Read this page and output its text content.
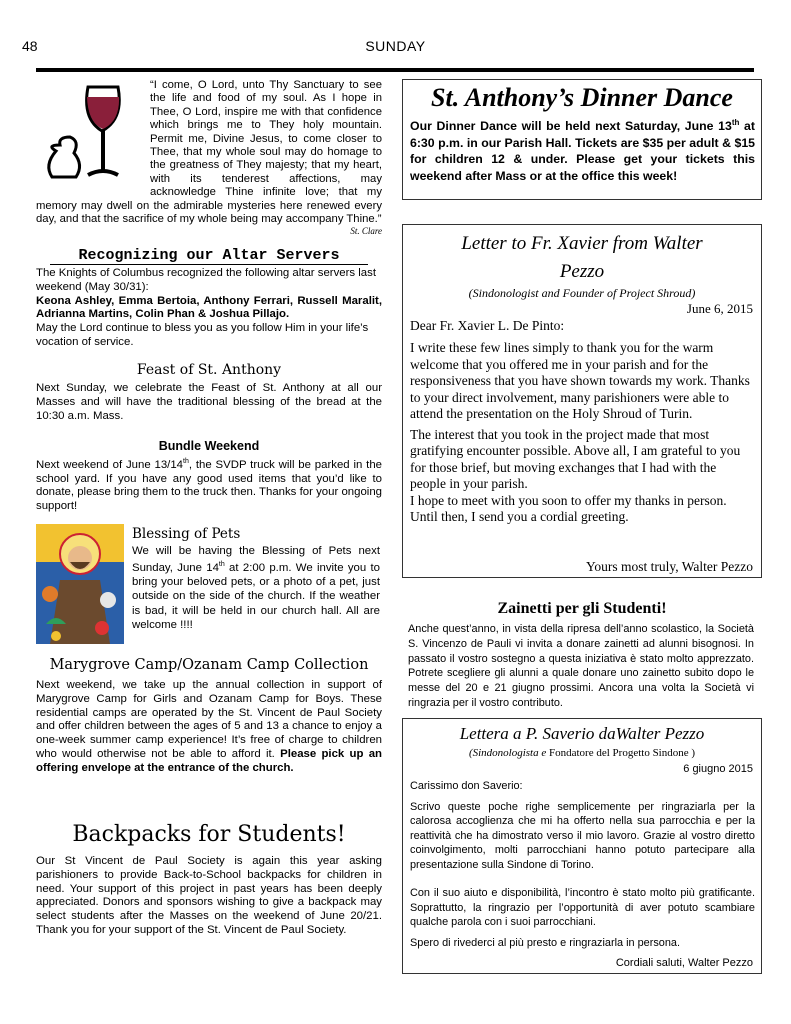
48	SUNDAY
“I come, O Lord, unto Thy Sanctuary to see the life and food of my soul. As I hope in Thee, O Lord, inspire me with that confidence which brings me to They holy mountain. Permit me, Divine Jesus, to come closer to Thee, that my whole soul may do homage to the greatness of They majesty; that my heart, with its tenderest affections, may acknowledge Thine infinite love; that my memory may dwell on the admirable mysteries here renewed every day, and that the sacrifice of my whole being may accompany Thine.”
St. Clare
Recognizing our Altar Servers
The Knights of Columbus recognized the following altar servers last weekend (May 30/31):
Keona Ashley, Emma Bertoia, Anthony Ferrari, Russell Maralit, Adrianna Martins, Colin Phan & Joshua Pillajo.
May the Lord continue to bless you as you follow Him in your life’s vocation of service.
Feast of St. Anthony
Next Sunday, we celebrate the Feast of St. Anthony at all our Masses and will have the traditional blessing of the bread at the 10:30 a.m. Mass.
Bundle Weekend
Next weekend of June 13/14th, the SVDP truck will be parked in the school yard. If you have any good used items that you’d like to donate, please bring them to the truck then. Thanks for your ongoing support!
Blessing of Pets
We will be having the Blessing of Pets next Sunday, June 14th at 2:00 p.m. We invite you to bring your beloved pets, or a photo of a pet, just outside on the side of the church. If the weather is bad, it will be held in our church hall. All are welcome !!!!
Marygrove Camp/Ozanam Camp Collection
Next weekend, we take up the annual collection in support of Marygrove Camp for Girls and Ozanam Camp for Boys. These residential camps are operated by the St. Vincent de Paul Society and offer children between the ages of 5 and 13 a chance to enjoy a one-week summer camp experience! It’s free of charge to children who would otherwise not be able to afford it. Please pick up an offering envelope at the entrance of the church.
Backpacks for Students!
Our St Vincent de Paul Society is again this year asking parishioners to provide Back-to-School backpacks for children in need. Your support of this project in past years has been deeply appreciated. Donors and sponsors wishing to give a backpack may select students after the Masses on the weekend of June 20/21. Thank you for your support of the St. Vincent de Paul Society.
St. Anthony’s Dinner Dance
Our Dinner Dance will be held next Saturday, June 13th at 6:30 p.m. in our Parish Hall. Tickets are $35 per adult & $15 for children 12 & under. Please get your tickets this weekend after Mass or at the office this week!
Letter to Fr. Xavier from Walter Pezzo
(Sindonologist and Founder of Project Shroud)
June 6, 2015
Dear Fr. Xavier L. De Pinto:
I write these few lines simply to thank you for the warm welcome that you offered me in your parish and for the responsiveness that you have shown towards my work. Thanks to your direct involvement, many parishioners were able to attend the presentation on the Holy Shroud of Turin.
The interest that you took in the project made that most gratifying encounter possible. Above all, I am grateful to you for those brief, but moving exchanges that I had with the people in your parish.
I hope to meet with you soon to offer my thanks in person. Until then, I send you a cordial greeting.
Yours most truly, Walter Pezzo
Zainetti per gli Studenti!
Anche quest’anno, in vista della ripresa dell’anno scolastico, la Società S. Vincenzo de Pauli vi invita a donare zainetti ad alunni bisognosi. In passato il vostro sostegno a questa iniziativa è stato molto apprezzato. Potrete scegliere gli alunni a quale donare uno zainetto subito dopo le messe del 20 e 21 giugno prossimi. Ancora una volta la Società vi ringrazia per il vostro contributo.
Lettera a P. Saverio daWalter Pezzo
(Sindonologista e Fondatore del Progetto Sindone )
6 giugno 2015
Carissimo don Saverio:
Scrivo queste poche righe semplicemente per ringraziarla per la calorosa accoglienza che mi ha offerto nella sua parrocchia e per la reattività che ha dimostrato verso il mio lavoro. Grazie al vostro diretto coinvolgimento, molti parrocchiani hanno potuto partecipare alla presentazione sulla Sindone di Torino.
Con il suo aiuto e disponibilità, l’incontro è stato molto più gratificante. Soprattutto, la ringrazio per l’opportunità di aver potuto scambiare qualche parola con i suoi parrocchiani.
Spero di rivederci al più presto e ringraziarla in persona.
Cordiali saluti, Walter Pezzo
